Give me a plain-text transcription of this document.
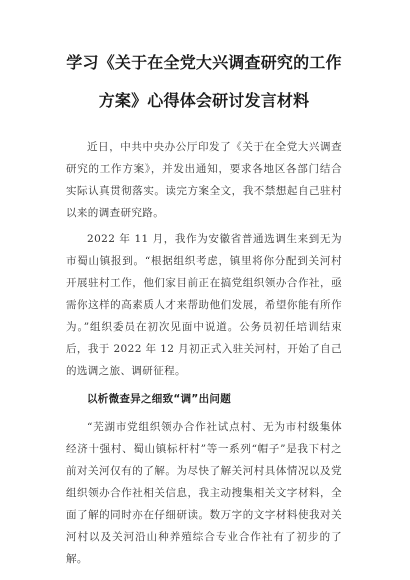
学习《关于在全党大兴调查研究的工作方案》心得体会研讨发言材料

近日，中共中央办公厅印发了《关于在全党大兴调查研究的工作方案》，并发出通知，要求各地区各部门结合实际认真贯彻落实。读完方案全文，我不禁想起自己驻村以来的调查研究路。

2022 年 11 月，我作为安徽省普通选调生来到无为市蜀山镇报到。“根据组织考虑，镇里将你分配到关河村开展驻村工作，他们家目前正在搞党组织领办合作社，亟需你这样的高素质人才来帮助他们发展，希望你能有所作为。”组织委员在初次见面中说道。公务员初任培训结束后，我于 2022 年 12 月初正式入驻关河村，开始了自己的选调之旅、调研征程。

以析微查异之细致“调”出问题

“芜湖市党组织领办合作社试点村、无为市村级集体经济十强村、蜀山镇标杆村”等一系列“帽子”是我下村之前对关河仅有的了解。为尽快了解关河村具体情况以及党组织领办合作社相关信息，我主动搜集相关文字材料，全面了解的同时亦在仔细研读。数万字的文字材料使我对关河村以及关河沿山种养殖综合专业合作社有了初步的了解。
